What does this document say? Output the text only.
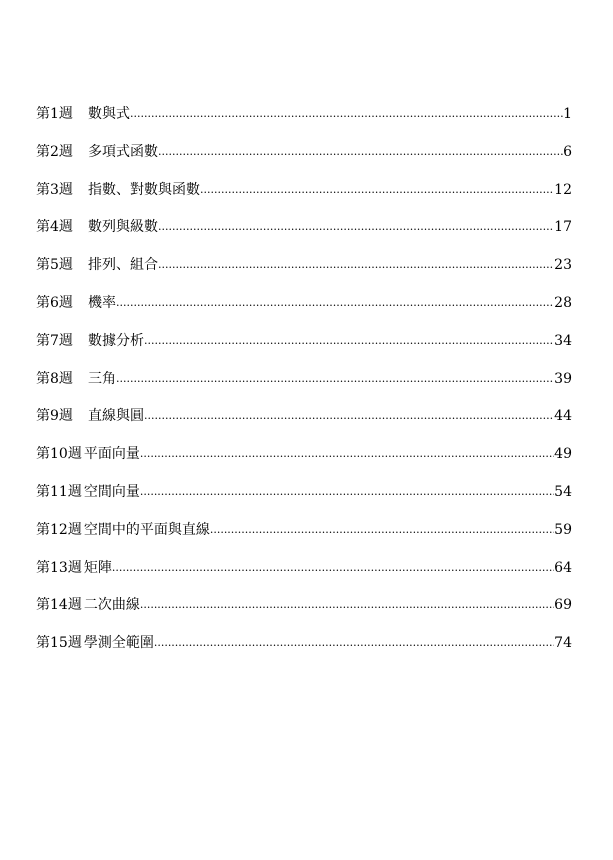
第1週	數與式 .....	1
第2週	多項式函數 .....	6
第3週	指數、對數與函數 .....	12
第4週	數列與級數 .....	17
第5週	排列、組合 .....	23
第6週	機率 .....	28
第7週	數據分析 .....	34
第8週	三角 .....	39
第9週	直線與圓 .....	44
第10週 平面向量 .....	49
第11週 空間向量 .....	54
第12週 空間中的平面與直線 .....	59
第13週 矩陣 .....	64
第14週 二次曲線 .....	69
第15週 學測全範圍 .....	74
